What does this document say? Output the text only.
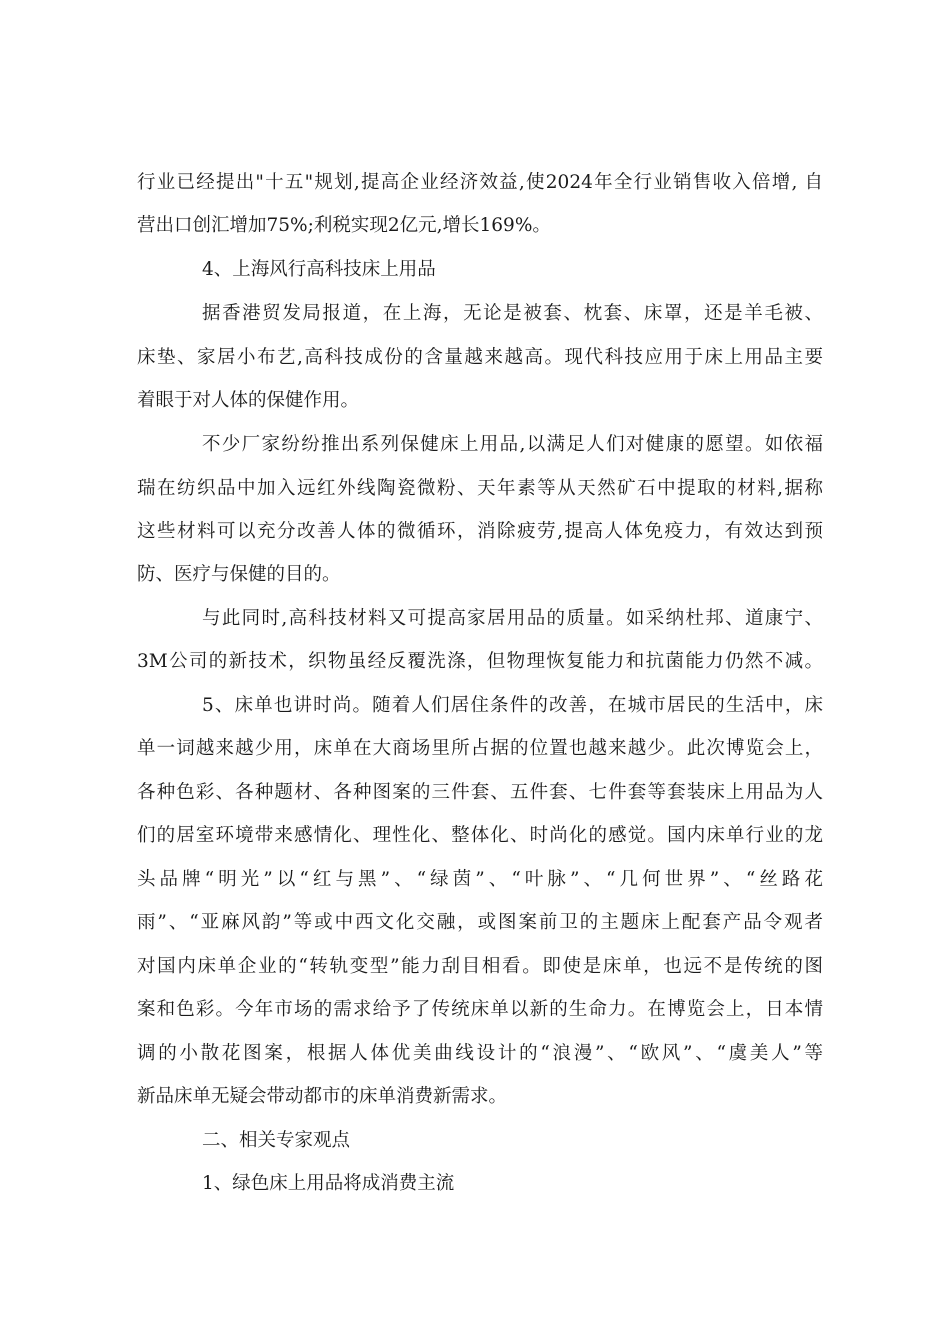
行业已经提出"十五"规划,提高企业经济效益,使2024年全行业销售收入倍增, 自
营出口创汇增加75%;利税实现2亿元,增长169%。
4、上海风行高科技床上用品
据香港贸发局报道，在上海，无论是被套、枕套、床罩，还是羊毛被、
床垫、家居小布艺,高科技成份的含量越来越高。现代科技应用于床上用品主要
着眼于对人体的保健作用。
不少厂家纷纷推出系列保健床上用品,以满足人们对健康的愿望。如依福
瑞在纺织品中加入远红外线陶瓷微粉、天年素等从天然矿石中提取的材料,据称
这些材料可以充分改善人体的微循环，消除疲劳,提高人体免疫力，有效达到预
防、医疗与保健的目的。
与此同时,高科技材料又可提高家居用品的质量。如采纳杜邦、道康宁、
3M公司的新技术，织物虽经反覆洗涤，但物理恢复能力和抗菌能力仍然不减。
5、床单也讲时尚。随着人们居住条件的改善，在城市居民的生活中，床
单一词越来越少用，床单在大商场里所占据的位置也越来越少。此次博览会上，
各种色彩、各种题材、各种图案的三件套、五件套、七件套等套装床上用品为人
们的居室环境带来感情化、理性化、整体化、时尚化的感觉。国内床单行业的龙
头品牌“明光”以“红与黑”、“绿茵”、“叶脉”、“几何世界”、“丝路花
雨”、“亚麻风韵”等或中西文化交融，或图案前卫的主题床上配套产品令观者
对国内床单企业的“转轨变型”能力刮目相看。即使是床单，也远不是传统的图
案和色彩。今年市场的需求给予了传统床单以新的生命力。在博览会上，日本情
调的小散花图案，根据人体优美曲线设计的“浪漫”、“欧风”、“虞美人”等
新品床单无疑会带动都市的床单消费新需求。
二、相关专家观点
1、绿色床上用品将成消费主流
